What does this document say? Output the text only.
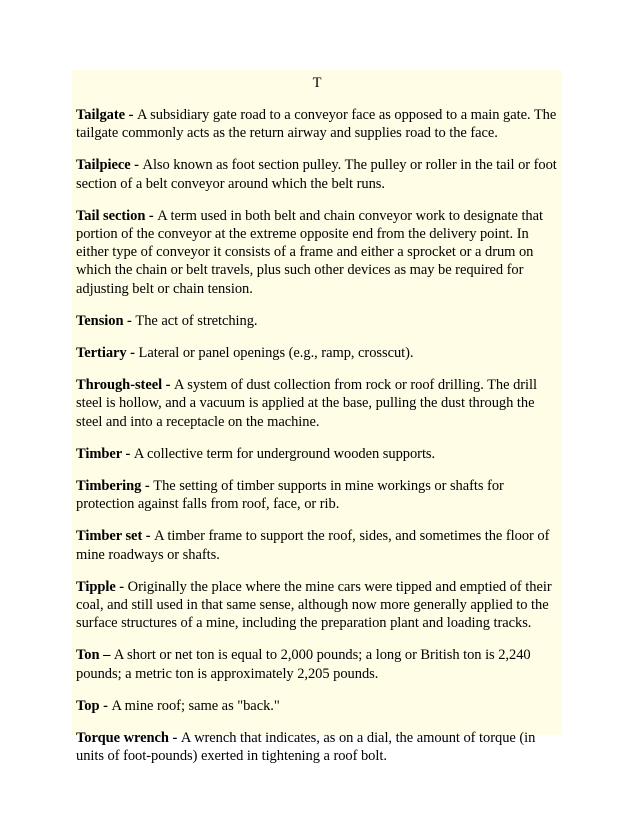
T

Tailgate - A subsidiary gate road to a conveyor face as opposed to a main gate. The tailgate commonly acts as the return airway and supplies road to the face.

Tailpiece - Also known as foot section pulley. The pulley or roller in the tail or foot section of a belt conveyor around which the belt runs.

Tail section - A term used in both belt and chain conveyor work to designate that portion of the conveyor at the extreme opposite end from the delivery point. In either type of conveyor it consists of a frame and either a sprocket or a drum on which the chain or belt travels, plus such other devices as may be required for adjusting belt or chain tension.

Tension - The act of stretching.

Tertiary - Lateral or panel openings (e.g., ramp, crosscut).

Through-steel - A system of dust collection from rock or roof drilling. The drill steel is hollow, and a vacuum is applied at the base, pulling the dust through the steel and into a receptacle on the machine.

Timber - A collective term for underground wooden supports.

Timbering - The setting of timber supports in mine workings or shafts for protection against falls from roof, face, or rib.

Timber set - A timber frame to support the roof, sides, and sometimes the floor of mine roadways or shafts.

Tipple - Originally the place where the mine cars were tipped and emptied of their coal, and still used in that same sense, although now more generally applied to the surface structures of a mine, including the preparation plant and loading tracks.

Ton – A short or net ton is equal to 2,000 pounds; a long or British ton is 2,240 pounds; a metric ton is approximately 2,205 pounds.

Top - A mine roof; same as "back."

Torque wrench - A wrench that indicates, as on a dial, the amount of torque (in units of foot-pounds) exerted in tightening a roof bolt.
